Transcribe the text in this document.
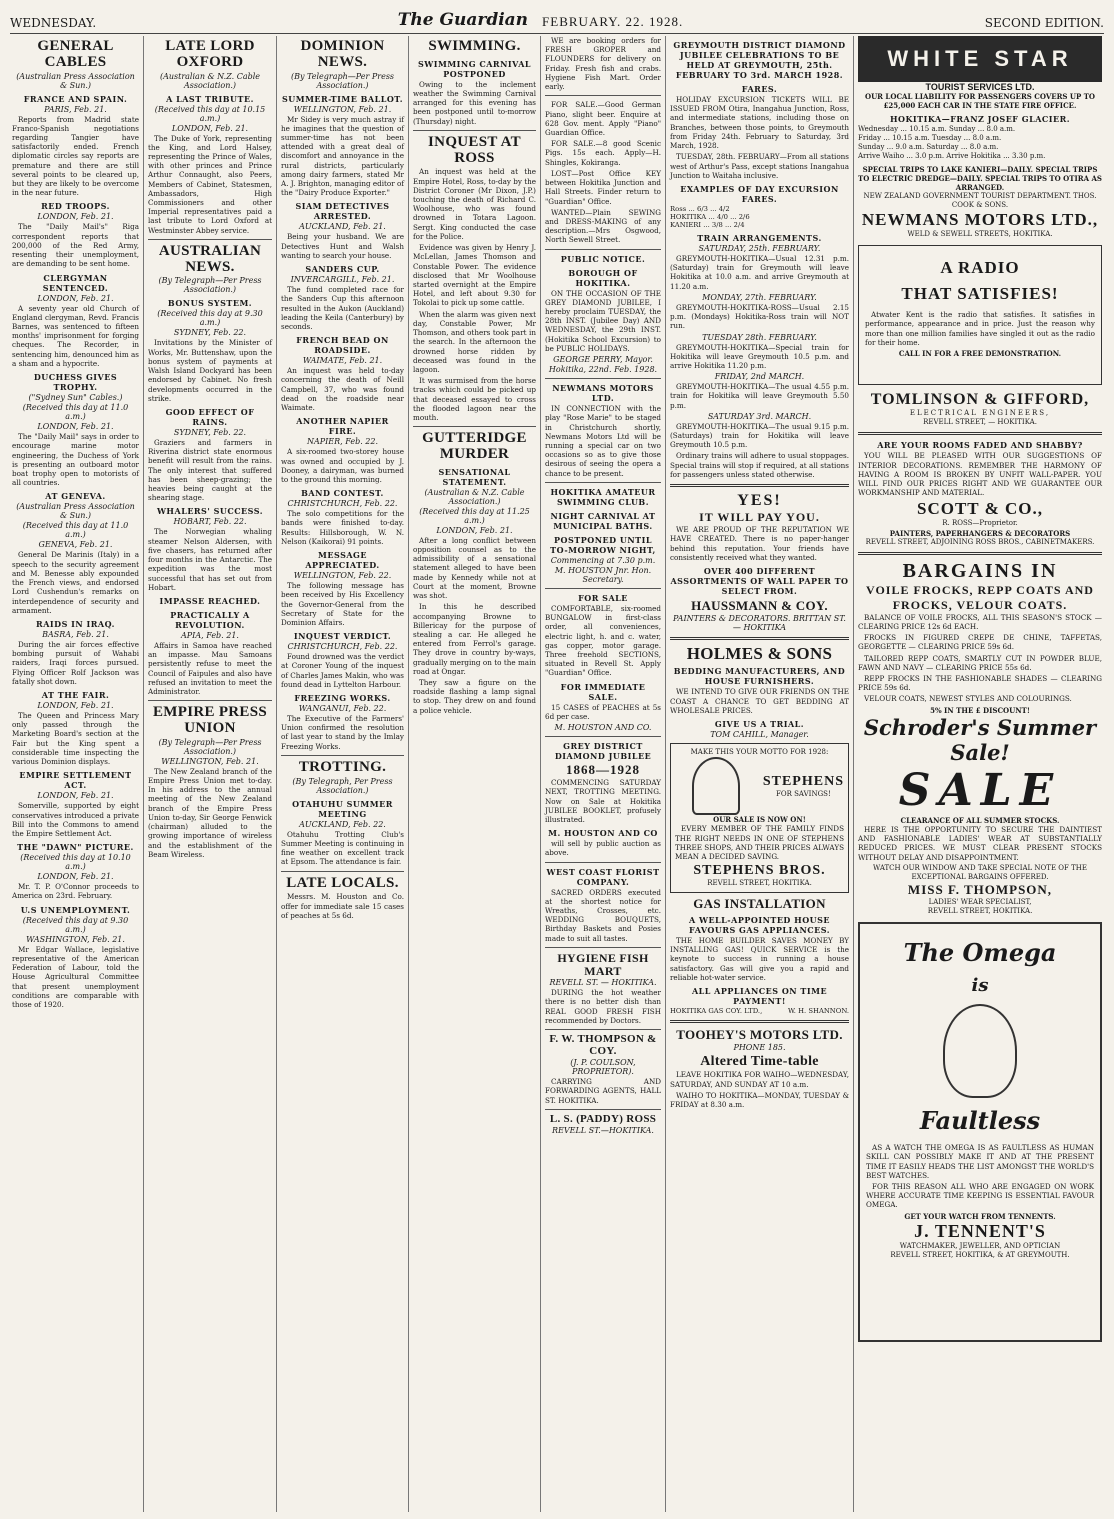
WEDNESDAY.	The Guardian FEBRUARY. 22. 1928.	SECOND EDITION.
GENERAL CABLES
(Australian Press Association & Sun.)
FRANCE AND SPAIN.
PARIS, Feb. 21.

Reports from Madrid state Franco-Spanish negotiations regarding Tangier have satisfactorily ended. French diplomatic circles say reports are premature and there are still several points to be cleared up, but they are likely to be overcome in the near future.

RED TROOPS.
LONDON, Feb. 21.

The "Daily Mail's" Riga correspondent reports that 200,000 of the Red Army, resenting their unemployment, are demanding to be sent home.

CLERGYMAN SENTENCED.
LONDON, Feb. 21.

A seventy year old Church of England clergyman, Revd. Francis Barnes, was sentenced to fifteen months' imprisonment for forging cheques. The Recorder, in sentencing him, denounced him as a sham and a hypocrite.

DUCHESS GIVES TROPHY.
("Sydney Sun" Cables.)
(Received this day at 11.0 a.m.)
LONDON, Feb. 21.

The "Daily Mail" says in order to encourage marine motor engineering, the Duchess of York is presenting an outboard motor boat trophy open to motorists of all countries.

AT GENEVA.
(Australian Press Association & Sun.)
(Received this day at 11.0 a.m.)
GENEVA, Feb. 21.

General De Marinis (Italy) in a speech to the security agreement and M. Benesse ably expounded the French views, and endorsed Lord Cushendun's remarks on interdependence of security and armament.

RAIDS IN IRAQ.
BASRA, Feb. 21.

During the air forces effective bombing pursuit of Wahabi raiders, Iraqi forces pursued. Flying Officer Rolf Jackson was fatally shot down.

AT THE FAIR.
LONDON, Feb. 21.

The Queen and Princess Mary only passed through the Marketing Board's section at the Fair but the King spent a considerable time inspecting the various Dominion displays.

EMPIRE SETTLEMENT ACT.
LONDON, Feb. 21.

Somerville, supported by eight conservatives introduced a private Bill into the Commons to amend the Empire Settlement Act.

THE "DAWN" PICTURE.
(Received this day at 10.10 a.m.)
LONDON, Feb. 21.

Mr. T. P. O'Connor proceeds to America on 23rd. February.

U.S UNEMPLOYMENT.
(Received this day at 9.30 a.m.)
WASHINGTON, Feb. 21.

Mr Edgar Wallace, legislative representative of the American Federation of Labour, told the House Agricultural Committee that present unemployment conditions are comparable with those of 1920.

LATE LORD OXFORD
(Australian & N.Z. Cable Association.)
A LAST TRIBUTE.
(Received this day at 10.15 a.m.)
LONDON, Feb. 21.

The Duke of York, representing the King, and Lord Halsey, representing the Prince of Wales, with other princes and Prince Arthur Connaught, also Peers, Members of Cabinet, Statesmen, Ambassadors, High Commissioners and other Imperial representatives paid a last tribute to Lord Oxford at Westminster Abbey service.

AUSTRALIAN NEWS.
(By Telegraph—Per Press Association.)
BONUS SYSTEM.
(Received this day at 9.30 a.m.)
SYDNEY, Feb. 22.

Invitations by the Minister of Works, Mr. Buttenshaw, upon the bonus system of payments at Walsh Island Dockyard has been endorsed by Cabinet. No fresh developments occurred in the strike.

GOOD EFFECT OF RAINS.
SYDNEY, Feb. 22.

Graziers and farmers in Riverina district state enormous benefit will result from the rains. The only interest that suffered has been sheep-grazing; the heavies being caught at the shearing stage.

WHALERS' SUCCESS.
HOBART, Feb. 22.

The Norwegian whaling steamer Nelson Aldersen, with five chasers, has returned after four months in the Antarctic. The expedition was the most successful that has set out from Hobart.

IMPASSE REACHED.
PRACTICALLY A REVOLUTION.
APIA, Feb. 21.

Affairs in Samoa have reached an impasse. Mau Samoans persistently refuse to meet the Council of Faipules and also have refused an invitation to meet the Administrator.

EMPIRE PRESS UNION
(By Telegraph—Per Press Association.)
WELLINGTON, Feb. 21.

The New Zealand branch of the Empire Press Union met to-day. In his address to the annual meeting of the New Zealand branch of the Empire Press Union to-day, Sir George Fenwick (chairman) alluded to the growing importance of wireless and the establishment of the Beam Wireless.

DOMINION NEWS.
(By Telegraph—Per Press Association.)
SUMMER-TIME BALLOT.
WELLINGTON, Feb. 21.

Mr Sidey is very much astray if he imagines that the question of summer-time has not been attended with a great deal of discomfort and annoyance in the rural districts, particularly among dairy farmers, stated Mr A. J. Brighton, managing editor of the "Dairy Produce Exporter."

SIAM DETECTIVES ARRESTED.
AUCKLAND, Feb. 21.

Being your husband. We are Detectives Hunt and Walsh wanting to search your house.

SANDERS CUP.
INVERCARGILL, Feb. 21.

The fund completed race for the Sanders Cup this afternoon resulted in the Aukon (Auckland) leading the Keila (Canterbury) by seconds.

FRENCH BEAD ON ROADSIDE.
WAIMATE, Feb. 21.

An inquest was held to-day concerning the death of Neill Campbell, 37, who was found dead on the roadside near Waimate.

ANOTHER NAPIER FIRE.
NAPIER, Feb. 22.

A six-roomed two-storey house was owned and occupied by J. Dooney, a dairyman, was burned to the ground this morning.

BAND CONTEST.
CHRISTCHURCH, Feb. 22.

The solo competitions for the bands were finished to-day. Results: Hillsborough, W. N. Nelson (Kaikorai) 91 points.

MESSAGE APPRECIATED.
WELLINGTON, Feb. 22.

The following message has been received by His Excellency the Governor-General from the Secretary of State for the Dominion Affairs.

INQUEST VERDICT.
CHRISTCHURCH, Feb. 22.

Found drowned was the verdict at Coroner Young of the inquest of Charles James Makin, who was found dead in Lyttelton Harbour.

FREEZING WORKS.
WANGANUI, Feb. 22.

The Executive of the Farmers' Union confirmed the resolution of last year to stand by the Imlay Freezing Works.

TROTTING.
(By Telegraph, Per Press Association.)
OTAHUHU SUMMER MEETING
AUCKLAND, Feb. 22.

Otahuhu Trotting Club's Summer Meeting is continuing in fine weather on excellent track at Epsom. The attendance is fair.

LATE LOCALS.

Messrs. M. Houston and Co. offer for immediate sale 15 cases of peaches at 5s 6d.

SWIMMING.
SWIMMING CARNIVAL POSTPONED

Owing to the inclement weather the Swimming Carnival arranged for this evening has been postponed until to-morrow (Thursday) night.

INQUEST AT ROSS

An inquest was held at the Empire Hotel, Ross, to-day by the District Coroner (Mr Dixon, J.P.) touching the death of Richard C. Woolhouse, who was found drowned in Totara Lagoon. Sergt. King conducted the case for the Police.

Evidence was given by Henry J. McLellan, James Thomson and Constable Power. The evidence disclosed that Mr Woolhouse started overnight at the Empire Hotel, and left about 9.30 for Tokolai to pick up some cattle.

When the alarm was given next day, Constable Power, Mr Thomson, and others took part in the search. In the afternoon the drowned horse ridden by deceased was found in the lagoon.

It was surmised from the horse tracks which could be picked up that deceased essayed to cross the flooded lagoon near the mouth.

GUTTERIDGE MURDER
SENSATIONAL STATEMENT.
(Australian & N.Z. Cable Association.)
(Received this day at 11.25 a.m.)
LONDON, Feb. 21.

After a long conflict between opposition counsel as to the admissibility of a sensational statement alleged to have been made by Kennedy while not at Court at the moment, Browne was shot.

In this he described accompanying Browne to Billericay for the purpose of stealing a car. He alleged he entered from Ferrol's garage. They drove in country by-ways, gradually merging on to the main road at Ongar.

They saw a figure on the roadside flashing a lamp signal to stop. They drew on and found a police vehicle.

WE are booking orders for FRESH GROPER and FLOUNDERS for delivery on Friday. Fresh fish and crabs. Hygiene Fish Mart. Order early.

FOR SALE.—Good German Piano, slight beer. Enquire at 628 Gov. ment. Apply "Piano" Guardian Office.

FOR SALE.—8 good Scenic Pigs. 15s each. Apply—H. Shingles, Kokiranga.

LOST—Post Office KEY between Hokitika Junction and Hall Streets. Finder return to "Guardian" Office.

WANTED—Plain SEWING and DRESS-MAKING of any description.—Mrs Osgwood, North Sewell Street.

PUBLIC NOTICE.
BOROUGH OF HOKITIKA.

ON THE OCCASION OF THE GREY DIAMOND JUBILEE, I hereby proclaim TUESDAY, the 28th INST. (Jubilee Day) AND WEDNESDAY, the 29th INST. (Hokitika School Excursion) to be PUBLIC HOLIDAYS.

GEORGE PERRY, Mayor.
Hokitika, 22nd. Feb. 1928.
NEWMANS MOTORS LTD.

IN CONNECTION with the play "Rose Marie" to be staged in Christchurch shortly, Newmans Motors Ltd will be running a special car on two occasions so as to give those desirous of seeing the opera a chance to be present.

HOKITIKA AMATEUR SWIMMING CLUB.
NIGHT CARNIVAL AT MUNICIPAL BATHS.
POSTPONED UNTIL TO-MORROW NIGHT,
Commencing at 7.30 p.m.
M. HOUSTON Jnr. Hon. Secretary.
FOR SALE

COMFORTABLE, six-roomed BUNGALOW in first-class order, all conveniences, electric light, h. and c. water, gas copper, motor garage. Three freehold SECTIONS, situated in Revell St. Apply "Guardian" Office.

FOR IMMEDIATE SALE.

15 CASES of PEACHES at 5s 6d per case.

M. HOUSTON AND CO.
GREY DISTRICT DIAMOND JUBILEE
1868—1928

COMMENCING SATURDAY NEXT, TROTTING MEETING. Now on Sale at Hokitika JUBILEE BOOKLET, profusely illustrated.

M. HOUSTON AND CO

will sell by public auction as above.

WEST COAST FLORIST COMPANY.

SACRED ORDERS executed at the shortest notice for Wreaths, Crosses, etc. WEDDING BOUQUETS, Birthday Baskets and Posies made to suit all tastes.

HYGIENE FISH MART
REVELL ST. — HOKITIKA.

DURING the hot weather there is no better dish than REAL GOOD FRESH FISH recommended by Doctors.

F. W. THOMPSON & COY.
(J. P. COULSON, PROPRIETOR).

CARRYING AND FORWARDING AGENTS, HALL ST. HOKITIKA.

L. S. (PADDY) ROSS
REVELL ST.—HOKITIKA.
GREYMOUTH DISTRICT DIAMOND JUBILEE CELEBRATIONS TO BE HELD AT GREYMOUTH, 25th. FEBRUARY TO 3rd. MARCH 1928.
FARES.

HOLIDAY EXCURSION TICKETS WILL BE ISSUED FROM Otira, Inangahua Junction, Ross, and intermediate stations, including those on Branches, between those points, to Greymouth from Friday 24th. February to Saturday, 3rd March, 1928.

TUESDAY, 28th. FEBRUARY—From all stations west of Arthur's Pass, except stations Inangahua Junction to Waitaha inclusive.

EXAMPLES OF DAY EXCURSION FARES.
Ross ... 6/3 ... 4/2
HOKITIKA ... 4/0 ... 2/6
KANIERI ... 3/8 ... 2/4
TRAIN ARRANGEMENTS.
SATURDAY, 25th. FEBRUARY.

GREYMOUTH-HOKITIKA—Usual 12.31 p.m. (Saturday) train for Greymouth will leave Hokitika at 10.0 a.m. and arrive Greymouth at 11.20 a.m.

MONDAY, 27th. FEBRUARY.

GREYMOUTH-HOKITIKA-ROSS—Usual 2.15 p.m. (Mondays) Hokitika-Ross train will NOT run.

TUESDAY 28th. FEBRUARY.

GREYMOUTH-HOKITIKA—Special train for Hokitika will leave Greymouth 10.5 p.m. and arrive Hokitika 11.20 p.m.

FRIDAY, 2nd MARCH.

GREYMOUTH-HOKITIKA—The usual 4.55 p.m. train for Hokitika will leave Greymouth 5.50 p.m.

SATURDAY 3rd. MARCH.

GREYMOUTH-HOKITIKA—The usual 9.15 p.m. (Saturdays) train for Hokitika will leave Greymouth 10.5 p.m.

Ordinary trains will adhere to usual stoppages. Special trains will stop if required, at all stations for passengers unless stated otherwise.

YES!
IT WILL PAY YOU.

WE ARE PROUD OF THE REPUTATION WE HAVE CREATED. There is no paper-hanger behind this reputation. Your friends have consistently received what they wanted.

OVER 400 DIFFERENT ASSORTMENTS OF WALL PAPER TO SELECT FROM.
HAUSSMANN & COY.
PAINTERS & DECORATORS. BRITTAN ST. — HOKITIKA
HOLMES & SONS
BEDDING MANUFACTURERS, AND HOUSE FURNISHERS.

WE INTEND TO GIVE OUR FRIENDS ON THE COAST A CHANCE TO GET BEDDING AT WHOLESALE PRICES.

GIVE US A TRIAL.
TOM CAHILL, Manager.
MAKE THIS YOUR MOTTO FOR 1928:
STEPHENS
FOR SAVINGS!
OUR SALE IS NOW ON!

EVERY MEMBER OF THE FAMILY FINDS THE RIGHT NEEDS IN ONE OF STEPHENS THREE SHOPS, AND THEIR PRICES ALWAYS MEAN A DECIDED SAVING.

STEPHENS BROS.
REVELL STREET, HOKITIKA.
GAS INSTALLATION
A WELL-APPOINTED HOUSE FAVOURS GAS APPLIANCES.

THE HOME BUILDER SAVES MONEY BY INSTALLING GAS! QUICK SERVICE is the keynote to success in running a house satisfactory. Gas will give you a rapid and reliable hot-water service.

ALL APPLIANCES ON TIME PAYMENT!
HOKITIKA GAS COY. LTD.,	W. H. SHANNON.
TOOHEY'S MOTORS LTD.
PHONE 185.
Altered Time-table

LEAVE HOKITIKA FOR WAIHO—WEDNESDAY, SATURDAY, AND SUNDAY AT 10 a.m.

WAIHO TO HOKITIKA—MONDAY, TUESDAY & FRIDAY at 8.30 a.m.

WHITE STAR
TOURIST SERVICES LTD.
OUR LOCAL LIABILITY FOR PASSENGERS COVERS UP TO £25,000 EACH CAR IN THE STATE FIRE OFFICE.
HOKITIKA—FRANZ JOSEF GLACIER.
Wednesday ... 10.15 a.m. Sunday ... 8.0 a.m.
Friday ... 10.15 a.m. Tuesday ... 8.0 a.m.
Sunday ... 9.0 a.m. Saturday ... 8.0 a.m.
Arrive Waiho ... 3.0 p.m. Arrive Hokitika ... 3.30 p.m.
SPECIAL TRIPS TO LAKE KANIERI—DAILY. SPECIAL TRIPS TO ELECTRIC DREDGE—DAILY. SPECIAL TRIPS TO OTIRA AS ARRANGED.
NEW ZEALAND GOVERNMENT TOURIST DEPARTMENT. THOS. COOK & SONS.
NEWMANS MOTORS LTD.,
WELD & SEWELL STREETS, HOKITIKA.
A RADIO
THAT SATISFIES!

Atwater Kent is the radio that satisfies. It satisfies in performance, appearance and in price. Just the reason why more than one million families have singled it out as the radio for their home.

CALL IN FOR A FREE DEMONSTRATION.
TOMLINSON & GIFFORD,
ELECTRICAL ENGINEERS,
REVELL STREET, — HOKITIKA.
ARE YOUR ROOMS FADED AND SHABBY?

YOU WILL BE PLEASED WITH OUR SUGGESTIONS OF INTERIOR DECORATIONS. REMEMBER THE HARMONY OF HAVING A ROOM IS BROKEN BY UNFIT WALL-PAPER. YOU WILL FIND OUR PRICES RIGHT AND WE GUARANTEE OUR WORKMANSHIP AND MATERIAL.

SCOTT & CO.,
R. ROSS—Proprietor.
PAINTERS, PAPERHANGERS & DECORATORS
REVELL STREET, ADJOINING ROSS BROS., CABINETMAKERS.
BARGAINS IN
VOILE FROCKS, REPP COATS AND FROCKS, VELOUR COATS.

BALANCE OF VOILE FROCKS, ALL THIS SEASON'S STOCK — CLEARING PRICE 12s 6d EACH.

FROCKS IN FIGURED CREPE DE CHINE, TAFFETAS, GEORGETTE — CLEARING PRICE 59s 6d.

TAILORED REPP COATS, SMARTLY CUT IN POWDER BLUE, FAWN AND NAVY — CLEARING PRICE 55s 6d.

REPP FROCKS IN THE FASHIONABLE SHADES — CLEARING PRICE 59s 6d.

VELOUR COATS, NEWEST STYLES AND COLOURINGS.

5% IN THE £ DISCOUNT!
Schroder's Summer Sale!
SALE
CLEARANCE OF ALL SUMMER STOCKS.

HERE IS THE OPPORTUNITY TO SECURE THE DAINTIEST AND FASHIONABLE LADIES' WEAR AT SUBSTANTIALLY REDUCED PRICES. WE MUST CLEAR PRESENT STOCKS WITHOUT DELAY AND DISAPPOINTMENT.

WATCH OUR WINDOW AND TAKE SPECIAL NOTE OF THE EXCEPTIONAL BARGAINS OFFERED.
MISS F. THOMPSON,
LADIES' WEAR SPECIALIST,
REVELL STREET, HOKITIKA.
The Omega
is
Faultless

AS A WATCH THE OMEGA IS AS FAULTLESS AS HUMAN SKILL CAN POSSIBLY MAKE IT AND AT THE PRESENT TIME IT EASILY HEADS THE LIST AMONGST THE WORLD'S BEST WATCHES.

FOR THIS REASON ALL WHO ARE ENGAGED ON WORK WHERE ACCURATE TIME KEEPING IS ESSENTIAL FAVOUR OMEGA.

GET YOUR WATCH FROM TENNENTS.
J. TENNENT'S
WATCHMAKER, JEWELLER, AND OPTICIAN
REVELL STREET, HOKITIKA, & AT GREYMOUTH.
